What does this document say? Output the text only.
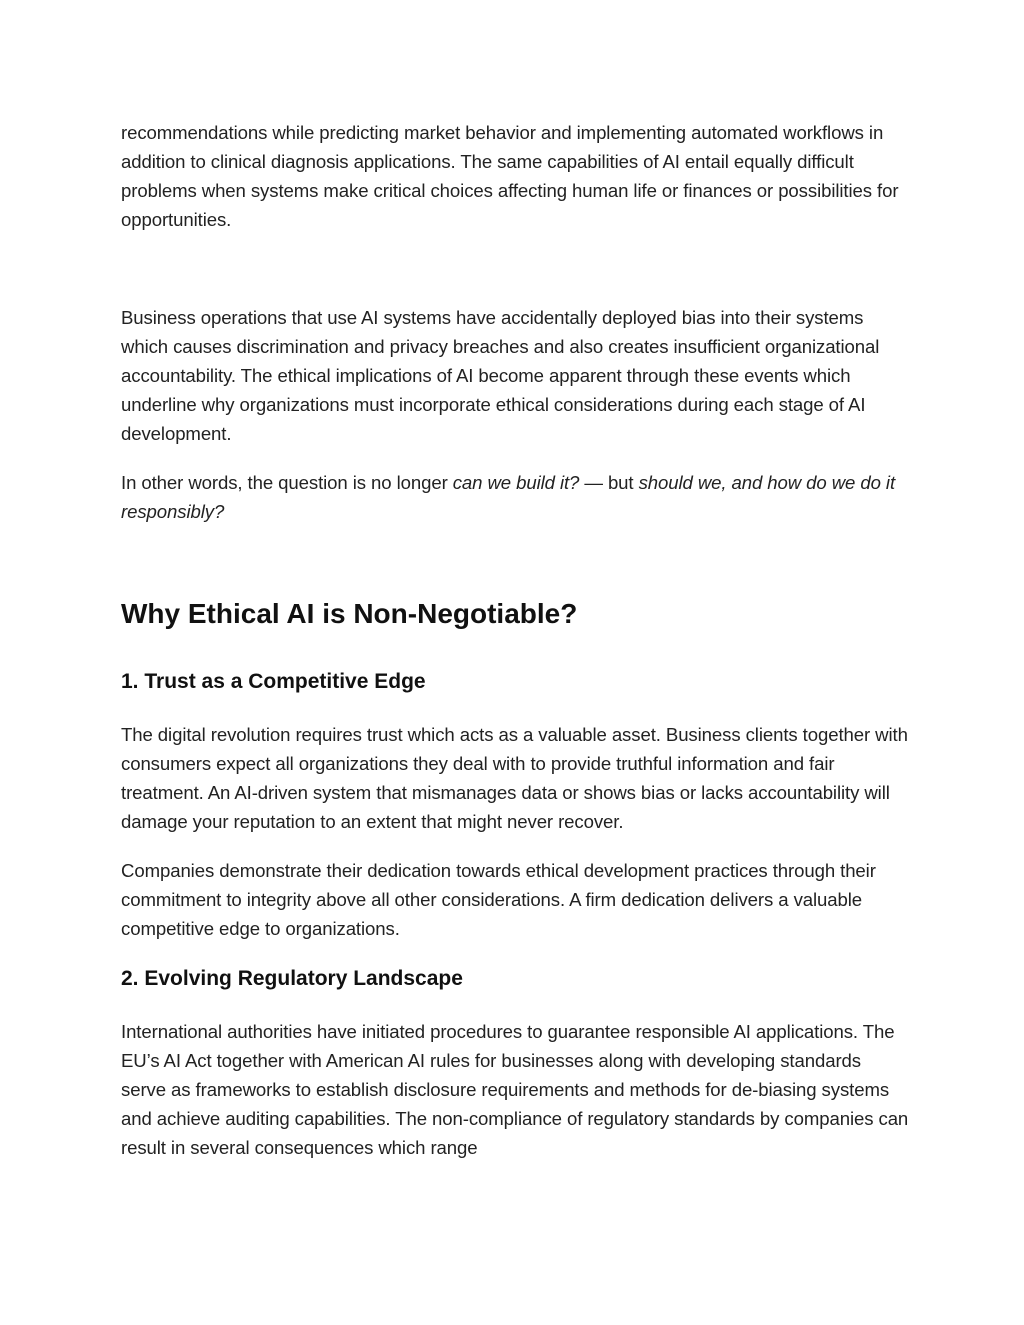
recommendations while predicting market behavior and implementing automated workflows in addition to clinical diagnosis applications. The same capabilities of AI entail equally difficult problems when systems make critical choices affecting human life or finances or possibilities for opportunities.

Business operations that use AI systems have accidentally deployed bias into their systems which causes discrimination and privacy breaches and also creates insufficient organizational accountability. The ethical implications of AI become apparent through these events which underline why organizations must incorporate ethical considerations during each stage of AI development.

In other words, the question is no longer can we build it? — but should we, and how do we do it responsibly?

Why Ethical AI is Non-Negotiable?
1. Trust as a Competitive Edge

The digital revolution requires trust which acts as a valuable asset. Business clients together with consumers expect all organizations they deal with to provide truthful information and fair treatment. An AI-driven system that mismanages data or shows bias or lacks accountability will damage your reputation to an extent that might never recover.

Companies demonstrate their dedication towards ethical development practices through their commitment to integrity above all other considerations. A firm dedication delivers a valuable competitive edge to organizations.

2. Evolving Regulatory Landscape

International authorities have initiated procedures to guarantee responsible AI applications. The EU’s AI Act together with American AI rules for businesses along with developing standards serve as frameworks to establish disclosure requirements and methods for de-biasing systems and achieve auditing capabilities. The non-compliance of regulatory standards by companies can result in several consequences which range
